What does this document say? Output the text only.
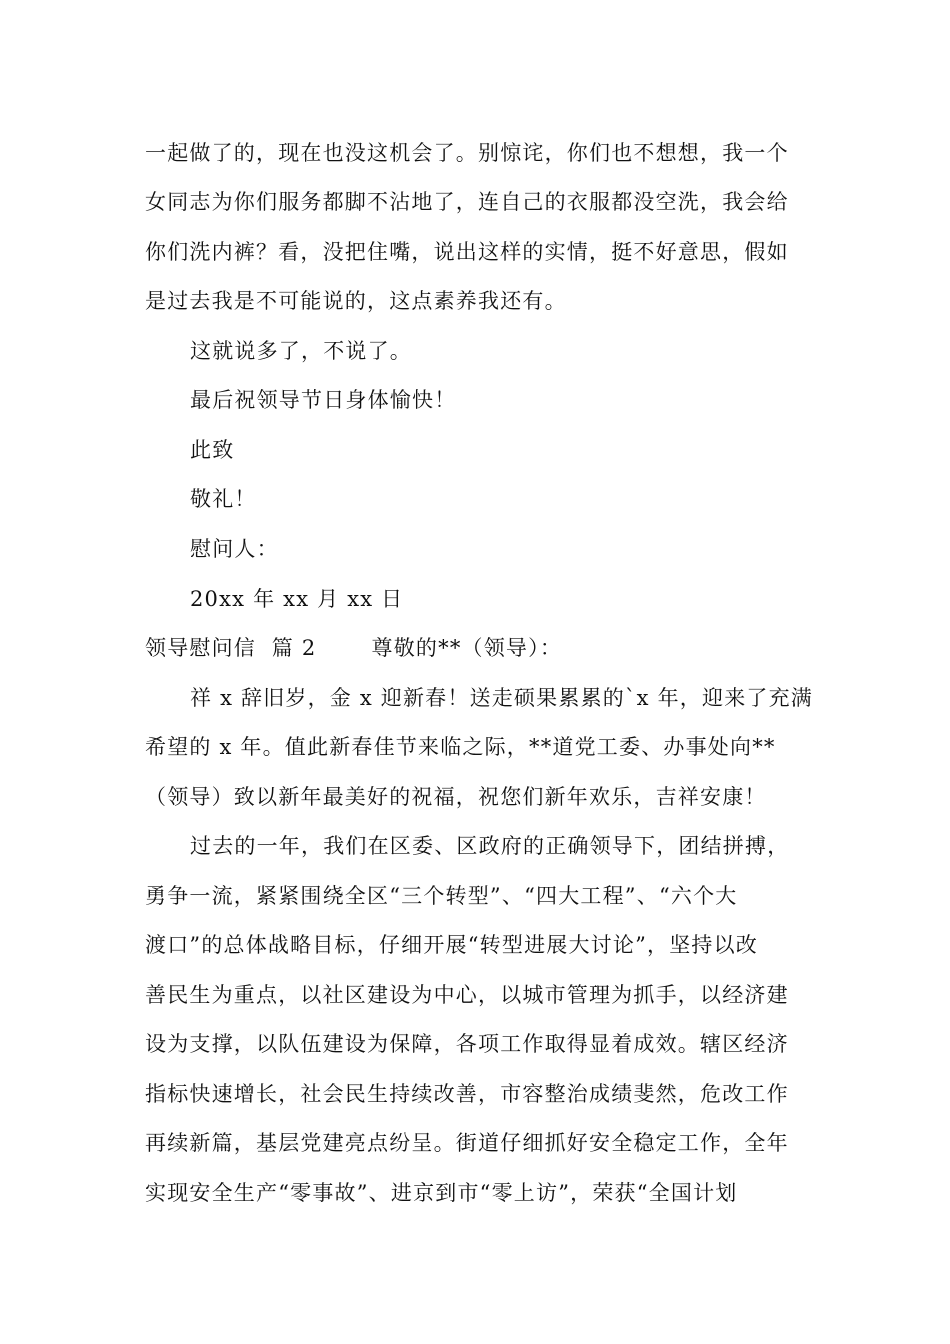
一起做了的，现在也没这机会了。别惊诧，你们也不想想，我一个
女同志为你们服务都脚不沾地了，连自己的衣服都没空洗，我会给
你们洗内裤？看，没把住嘴，说出这样的实情，挺不好意思，假如
是过去我是不可能说的，这点素养我还有。
这就说多了，不说了。
最后祝领导节日身体愉快！
此致
敬礼！
慰问人：
20xx 年 xx 月 xx 日
领导慰问信  篇 2       尊敬的**（领导）：
祥 x 辞旧岁，金 x 迎新春！送走硕果累累的`x 年，迎来了充满
希望的 x 年。值此新春佳节来临之际，**道党工委、办事处向**
（领导）致以新年最美好的祝福，祝您们新年欢乐，吉祥安康！
过去的一年，我们在区委、区政府的正确领导下，团结拼搏，
勇争一流，紧紧围绕全区“三个转型”、“四大工程”、“六个大
渡口”的总体战略目标，仔细开展“转型进展大讨论”，坚持以改
善民生为重点，以社区建设为中心，以城市管理为抓手，以经济建
设为支撑，以队伍建设为保障，各项工作取得显着成效。辖区经济
指标快速增长，社会民生持续改善，市容整治成绩斐然，危改工作
再续新篇，基层党建亮点纷呈。街道仔细抓好安全稳定工作，全年
实现安全生产“零事故”、进京到市“零上访”，荣获“全国计划
